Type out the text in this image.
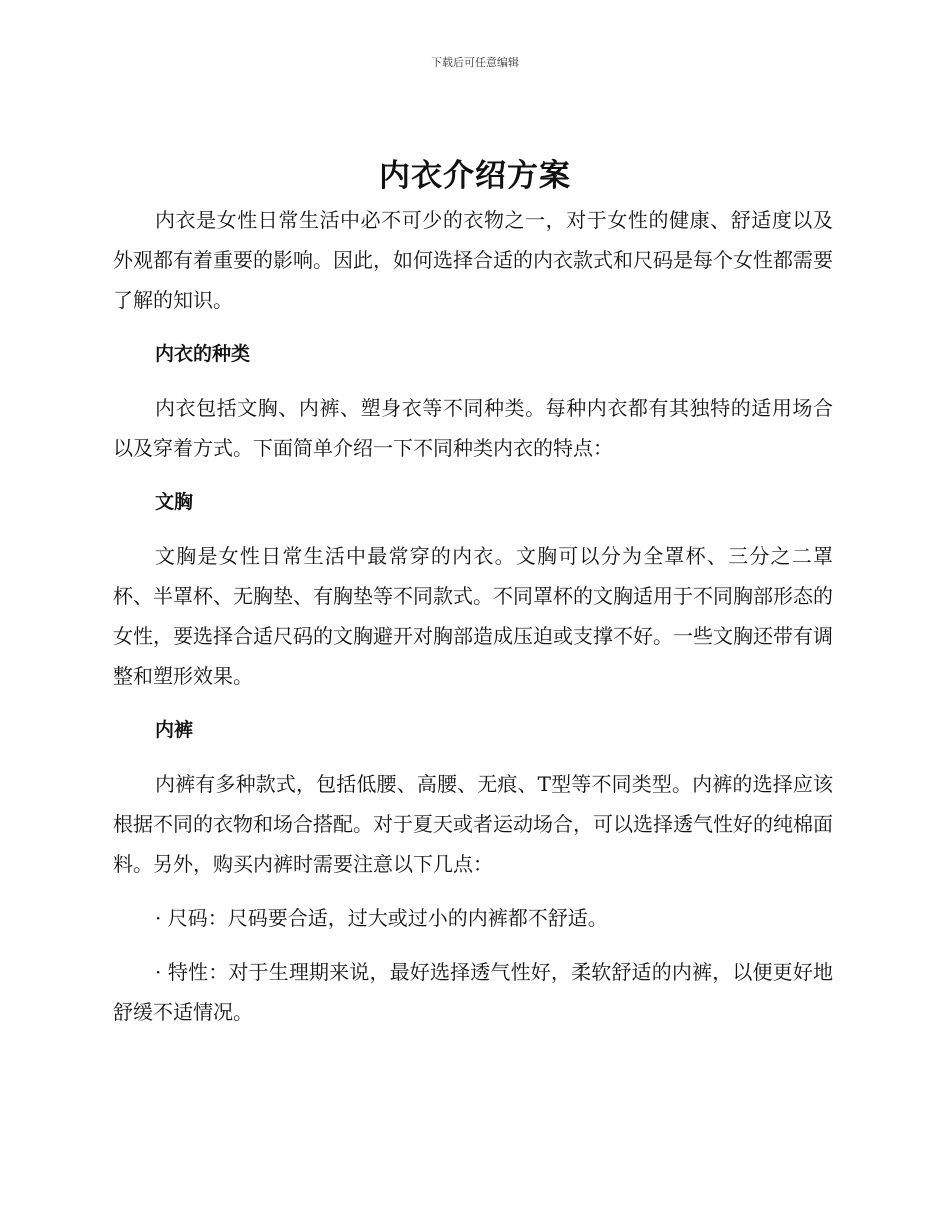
下载后可任意编辑
内衣介绍方案

内衣是女性日常生活中必不可少的衣物之一，对于女性的健康、舒适度以及外观都有着重要的影响。因此，如何选择合适的内衣款式和尺码是每个女性都需要了解的知识。

内衣的种类

内衣包括文胸、内裤、塑身衣等不同种类。每种内衣都有其独特的适用场合以及穿着方式。下面简单介绍一下不同种类内衣的特点：

文胸

文胸是女性日常生活中最常穿的内衣。文胸可以分为全罩杯、三分之二罩杯、半罩杯、无胸垫、有胸垫等不同款式。不同罩杯的文胸适用于不同胸部形态的女性，要选择合适尺码的文胸避开对胸部造成压迫或支撑不好。一些文胸还带有调整和塑形效果。

内裤

内裤有多种款式，包括低腰、高腰、无痕、T型等不同类型。内裤的选择应该根据不同的衣物和场合搭配。对于夏天或者运动场合，可以选择透气性好的纯棉面料。另外，购买内裤时需要注意以下几点：

· 尺码：尺码要合适，过大或过小的内裤都不舒适。

· 特性：对于生理期来说，最好选择透气性好，柔软舒适的内裤，以便更好地舒缓不适情况。
